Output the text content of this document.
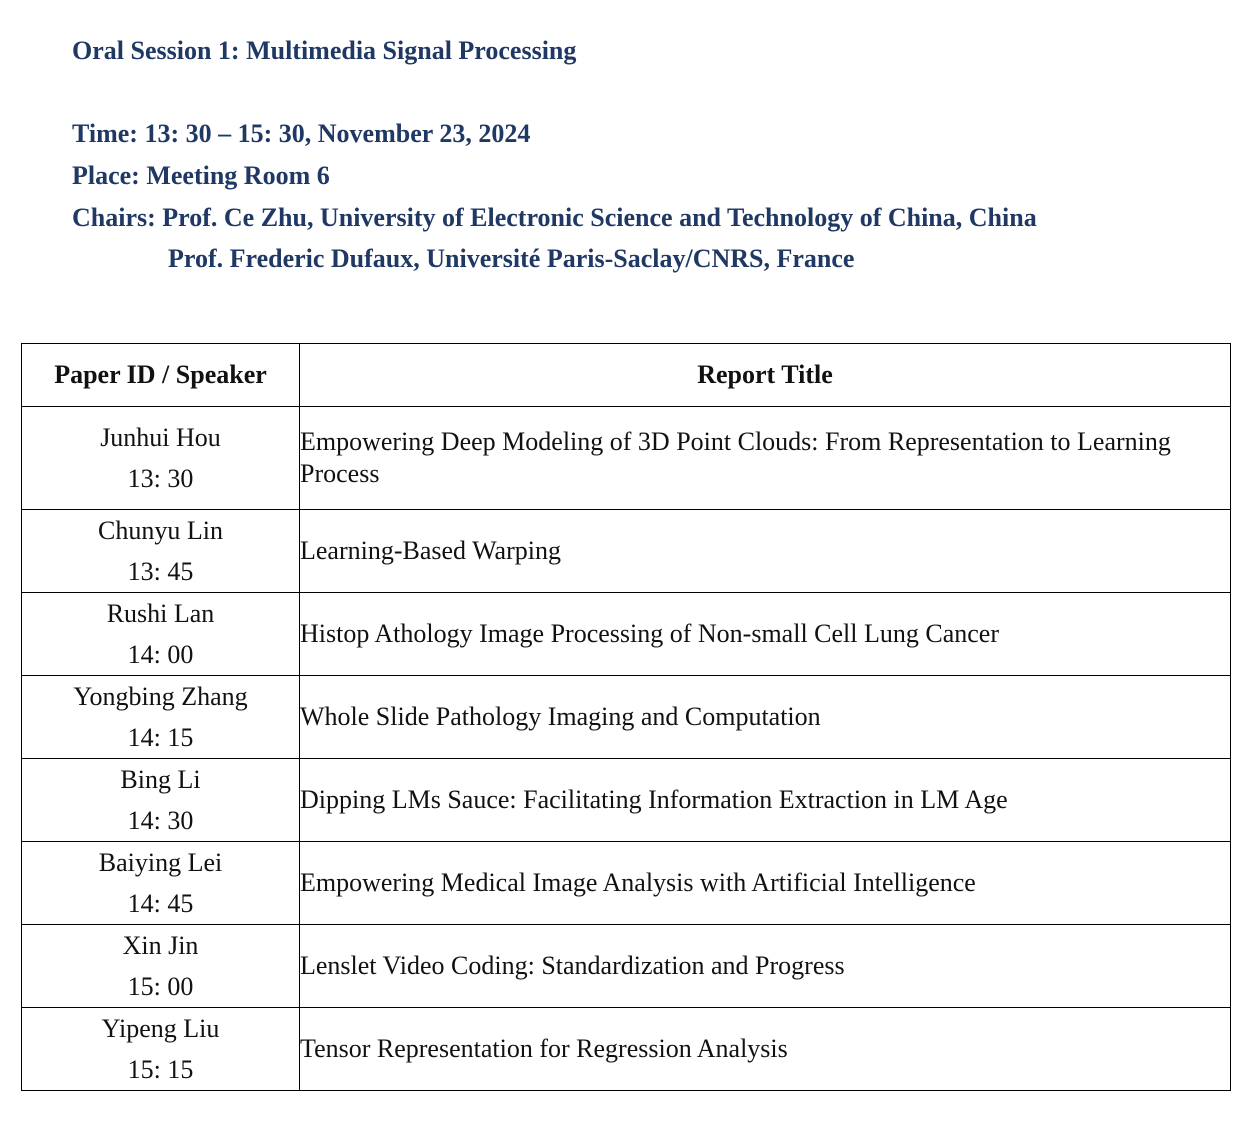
Oral Session 1: Multimedia Signal Processing
Time: 13: 30 – 15: 30, November 23, 2024
Place: Meeting Room 6
Chairs: Prof. Ce Zhu, University of Electronic Science and Technology of China, China
Prof. Frederic Dufaux, Université Paris-Saclay/CNRS, France
Paper ID / Speaker	Report Title

Junhui Hou
13: 30	Empowering Deep Modeling of 3D Point Clouds: From Representation to Learning Process

Chunyu Lin
13: 45	Learning-Based Warping

Rushi Lan
14: 00	Histop Athology Image Processing of Non-small Cell Lung Cancer

Yongbing Zhang
14: 15	Whole Slide Pathology Imaging and Computation

Bing Li
14: 30	Dipping LMs Sauce: Facilitating Information Extraction in LM Age

Baiying Lei
14: 45	Empowering Medical Image Analysis with Artificial Intelligence

Xin Jin
15: 00	Lenslet Video Coding: Standardization and Progress

Yipeng Liu
15: 15	Tensor Representation for Regression Analysis
